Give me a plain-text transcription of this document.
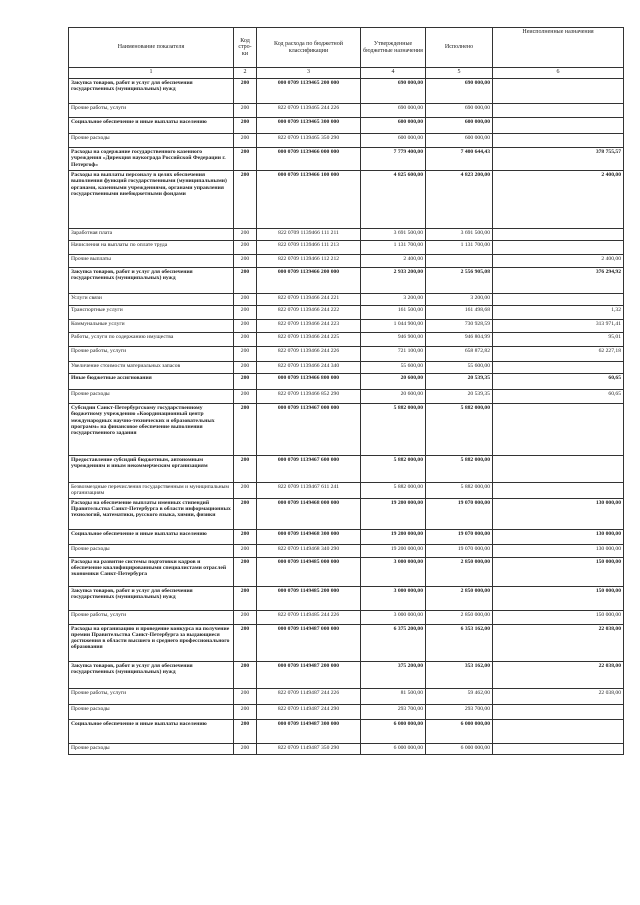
Наименование показателя	Код стро-ки	Код расхода по бюджетной классификации	Утвержденные бюджетные назначения	Исполнено	Неисполненные назначения
1	2	3	4	5	6
Закупка товаров, работ и услуг для обеспечения государственных (муниципальных) нужд	200	000 0709 1139465 200 000	690 000,00	690 000,00	
Прочие работы, услуги	200	822 0709 1139465 244 226	690 000,00	690 000,00	
Социальное обеспечение и иные выплаты населению	200	000 0709 1139465 300 000	600 000,00	600 000,00	
Прочие расходы	200	822 0709 1139465 350 290	600 000,00	600 000,00	
Расходы на содержание государственного казенного учреждения «Дирекция наукограда Российской Федерации г. Петергоф»	200	000 0709 1139466 000 000	7 779 400,00	7 400 644,43	378 755,57
Расходы на выплаты персоналу в целях обеспечения выполнения функций государственными (муниципальными) органами, казенными учреждениями, органами управления государственными внебюджетными фондами	200	000 0709 1139466 100 000	4 825 600,00	4 823 200,00	2 400,00
Заработная плата	200	822 0709 1139466 111 211	3 691 500,00	3 691 500,00	
Начисления на выплаты по оплате труда	200	822 0709 1139466 111 213	1 131 700,00	1 131 700,00	
Прочие выплаты	200	822 0709 1139466 112 212	2 400,00		2 400,00
Закупка товаров, работ и услуг для обеспечения государственных (муниципальных) нужд	200	000 0709 1139466 200 000	2 933 200,00	2 556 905,08	376 294,92
Услуги связи	200	822 0709 1139466 244 221	3 200,00	3 200,00	
Транспортные услуги	200	822 0709 1139466 244 222	161 500,00	161 498,68	1,32
Коммунальные услуги	200	822 0709 1139466 244 223	1 044 900,00	730 928,59	313 971,41
Работы, услуги по содержанию имущества	200	822 0709 1139466 244 225	946 900,00	946 804,99	95,01
Прочие работы, услуги	200	822 0709 1139466 244 226	721 100,00	658 872,82	62 227,18
Увеличение стоимости материальных запасов	200	822 0709 1139466 244 340	55 600,00	55 600,00	
Иные бюджетные ассигнования	200	000 0709 1139466 800 000	20 600,00	20 539,35	60,65
Прочие расходы	200	822 0709 1139466 852 290	20 600,00	20 539,35	60,65
Субсидии Санкт-Петербургскому государственному бюджетному учреждению «Координационный центр международных научно-технических и образовательных программ» на финансовое обеспечение выполнения государственного задания	200	000 0709 1139467 000 000	5 882 000,00	5 882 000,00	
Предоставление субсидий бюджетным, автономным учреждениям и иным некоммерческим организациям	200	000 0709 1139467 600 000	5 882 000,00	5 882 000,00	
Безвозмездные перечисления государственным и муниципальным организациям	200	822 0709 1139467 611 241	5 882 000,00	5 882 000,00	
Расходы на обеспечение выплаты именных стипендий Правительства Санкт-Петербурга в области информационных технологий, математики, русского языка, химии, физики	200	000 0709 1149468 000 000	19 200 000,00	19 070 000,00	130 000,00
Социальное обеспечение и иные выплаты населению	200	000 0709 1149468 300 000	19 200 000,00	19 070 000,00	130 000,00
Прочие расходы	200	822 0709 1149468 340 290	19 200 000,00	19 070 000,00	130 000,00
Расходы на развитие системы подготовки кадров и обеспечение квалифицированными специалистами отраслей экономики Санкт-Петербурга	200	000 0709 1149485 000 000	3 000 000,00	2 850 000,00	150 000,00
Закупка товаров, работ и услуг для обеспечения государственных (муниципальных) нужд	200	000 0709 1149485 200 000	3 000 000,00	2 850 000,00	150 000,00
Прочие работы, услуги	200	822 0709 1149485 244 226	3 000 000,00	2 850 000,00	150 000,00
Расходы на организацию и проведение конкурса на получение премии Правительства Санкт-Петербурга за выдающиеся достижения в области высшего и среднего профессионального образования	200	000 0709 1149487 000 000	6 375 200,00	6 353 162,00	22 038,00
Закупка товаров, работ и услуг для обеспечения государственных (муниципальных) нужд	200	000 0709 1149487 200 000	375 200,00	353 162,00	22 038,00
Прочие работы, услуги	200	822 0709 1149487 244 226	81 500,00	59 462,00	22 038,00
Прочие расходы	200	822 0709 1149487 244 290	293 700,00	293 700,00	
Социальное обеспечение и иные выплаты населению	200	000 0709 1149487 300 000	6 000 000,00	6 000 000,00	
Прочие расходы	200	822 0709 1149487 350 290	6 000 000,00	6 000 000,00	
